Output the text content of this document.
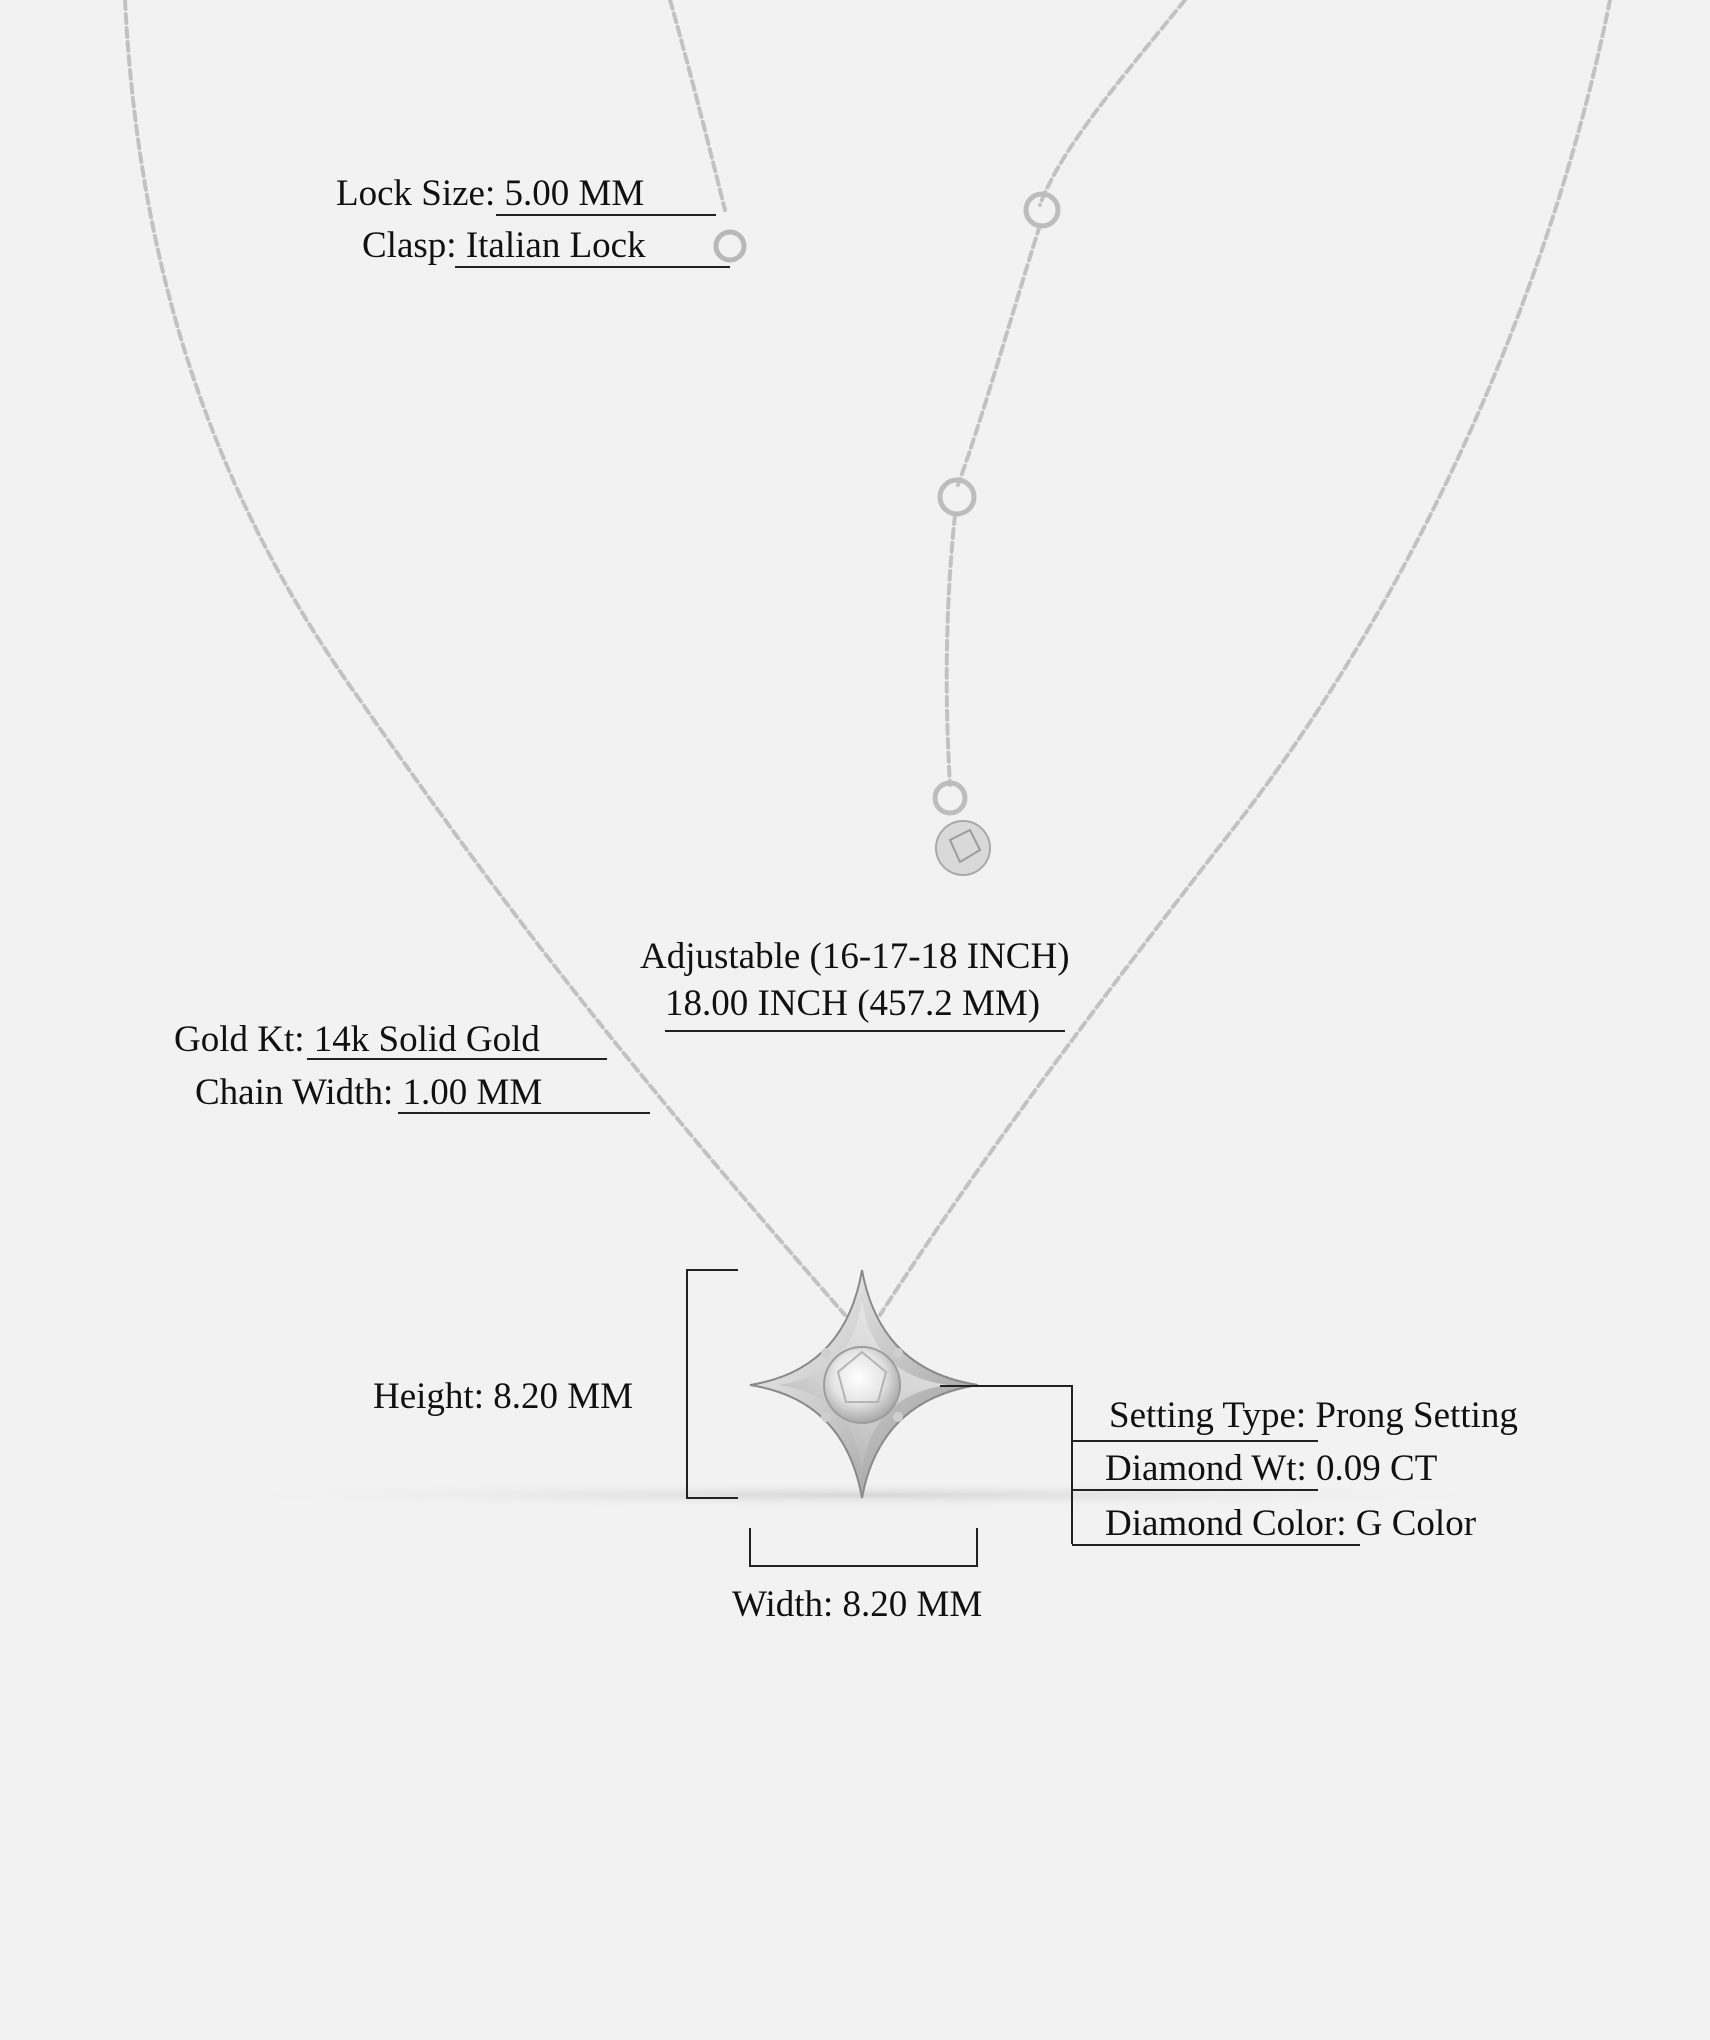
Lock Size: 5.00 MM
Clasp: Italian Lock
Adjustable (16-17-18 INCH)
18.00 INCH (457.2 MM)
Gold Kt: 14k Solid Gold
Chain Width: 1.00 MM
Height: 8.20 MM
Width: 8.20 MM
Setting Type: Prong Setting
Diamond Wt: 0.09 CT
Diamond Color: G Color
